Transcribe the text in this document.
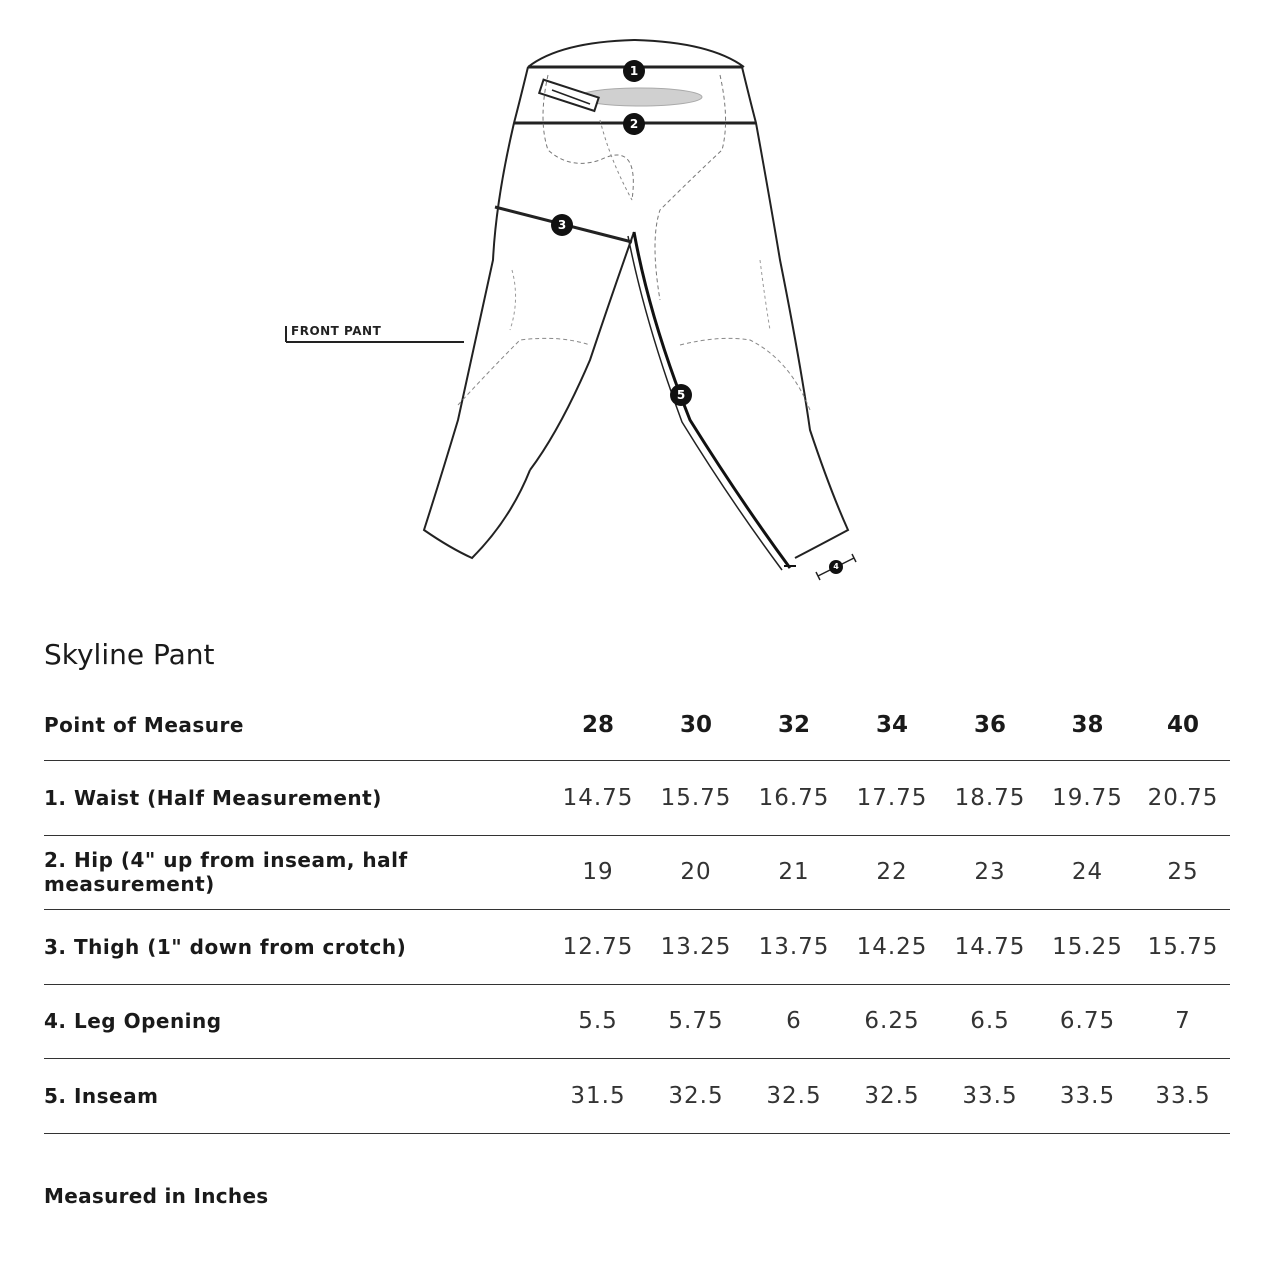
FRONT PANT
1
2
3
4
5
Skyline Pant
Point of Measure	28	30	32	34	36	38	40
1. Waist (Half Measurement)	14.75	15.75	16.75	17.75	18.75	19.75	20.75
2. Hip (4" up from inseam, half measurement)	19	20	21	22	23	24	25
3. Thigh (1" down from crotch)	12.75	13.25	13.75	14.25	14.75	15.25	15.75
4. Leg Opening	5.5	5.75	6	6.25	6.5	6.75	7
5. Inseam	31.5	32.5	32.5	32.5	33.5	33.5	33.5

Measured in Inches
